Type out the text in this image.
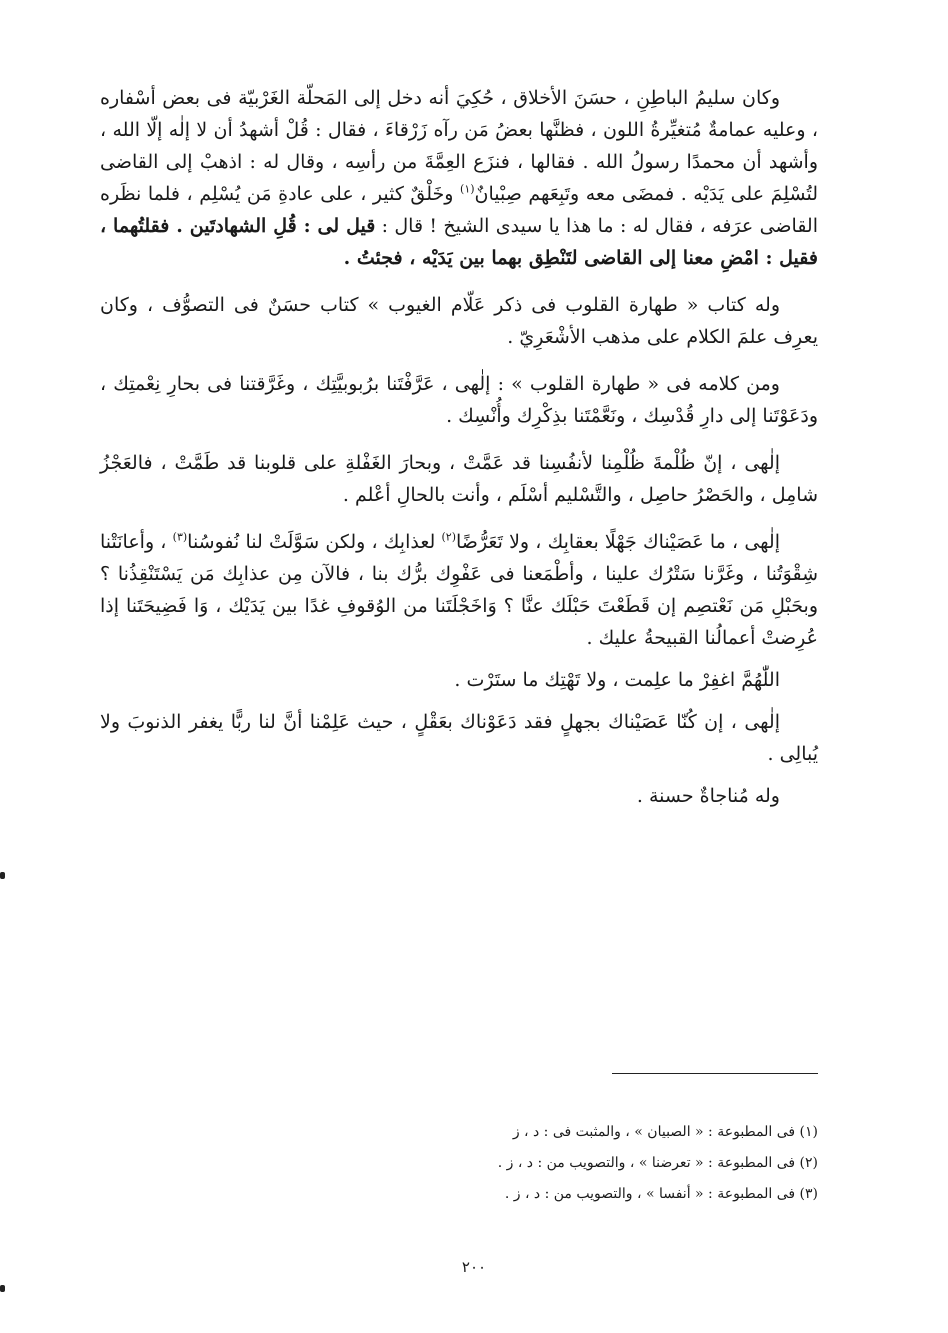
وكان سليمُ الباطِنِ ، حسَنَ الأخلاق ، حُكِيَ أنه دخل إلى المَحلّة الغَرْبيّة فى بعض أسْفاره ، وعليه عمامةٌ مُتغيِّرةُ اللون ، فظنَّها بعضُ مَن رآه زَرْقاءَ ، فقال : قُلْ أشهدُ أن لا إلٰه إلّا الله ، وأشهد أن محمدًا رسولُ الله . فقالها ، فنزَع العِمَّةَ من رأسِه ، وقال له : اذهبْ إلى القاضى لتُسْلِمَ على يَدَيْه . فمضَى معه وتَبِعَهم صِبْيانٌ$^{(١)}$ وخَلْقٌ كثير ، على عادةِ مَن يُسْلِم ، فلما نظَره القاضى عرَفه ، فقال له : ما هذا يا سيدى الشيخ ! قال : قيل لى : قُلِ الشهادتَين . فقلتُهما ، فقيل : امْضِ معنا إلى القاضى لتَنْطِق بهما بين يَدَيْه ، فجئتُ .

وله كتاب « طهارة القلوب فى ذكر عَلّام الغيوب » كتاب حسَنٌ فى التصوُّف ، وكان يعرِف علمَ الكلام على مذهب الأشْعَرِيّ .

ومن كلامه فى « طهارة القلوب » : إلٰهى ، عَرَّفْتَنا برُبوبيَّتِك ، وغَرَّقتنا فى بحارِ نِعْمتِك ، ودَعَوْتَنا إلى دارِ قُدْسِك ، ونَعَّمْتَنا بذِكْرِك وأُنْسِك .

إلٰهى ، إنّ ظُلْمةَ ظُلْمِنا لأنفُسِنا قد عَمَّتْ ، وبحارَ الغَفْلةِ على قلوبنا قد طَمَّتْ ، فالعَجْزُ شامِل ، والحَصْرُ حاصِل ، والتَّسْليم أسْلَم ، وأنت بالحالِ أعْلم .

إلٰهى ، ما عَصَيْناك جَهْلًا بعقابِك ، ولا تَعَرُّضًا$^{(٢)}$ لعذابِك ، ولكن سَوَّلَتْ لنا نُفوسُنا$^{(٣)}$ ، وأعانَتْنا شِقْوَتُنا ، وغَرَّنا سَتْرُك علينا ، وأطْمَعنا فى عَفْوِك برُّك بنا ، فالآن مِن عذابِك مَن يَسْتَنْقِذُنا ؟ وبحَبْلِ مَن نَعْتصِم إن قَطَعْتَ حَبْلَك عنَّا ؟ وَاخَجْلَتَنا من الوُقوفِ غدًا بين يَدَيْك ، وَا فَضِيحَتَنا إذا عُرِضتْ أعمالُنا القبيحةُ عليك .

اللّٰهُمَّ اغفِرْ ما علِمت ، ولا تَهْتِك ما ستَرْت .

إلٰهى ، إن كُنّا عَصَيْناك بجهلٍ فقد دَعَوْناك بعَقْلٍ ، حيث عَلِمْنا أنَّ لنا ربًّا يغفر الذنوبَ ولا يُبالِى .

وله مُناجاةٌ حسنة .

(١) فى المطبوعة : « الصبيان » ، والمثبت فى : د ، ز

(٢) فى المطبوعة : « تعرضنا » ، والتصويب من : د ، ز .

(٣) فى المطبوعة : « أنفسا » ، والتصويب من : د ، ز .

٢٠٠
